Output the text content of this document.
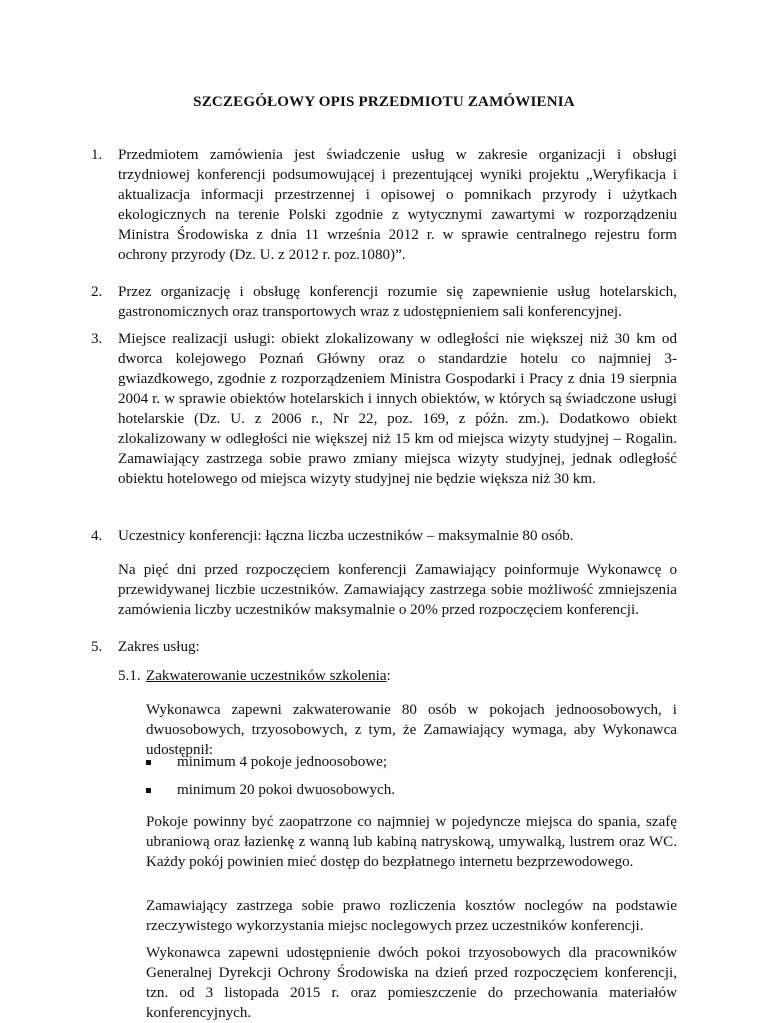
SZCZEGÓŁOWY OPIS PRZEDMIOTU ZAMÓWIENIA
1. Przedmiotem zamówienia jest świadczenie usług w zakresie organizacji i obsługi trzydniowej konferencji podsumowującej i prezentującej wyniki projektu „Weryfikacja i aktualizacja informacji przestrzennej i opisowej o pomnikach przyrody i użytkach ekologicznych na terenie Polski zgodnie z wytycznymi zawartymi w rozporządzeniu Ministra Środowiska z dnia 11 września 2012 r. w sprawie centralnego rejestru form ochrony przyrody (Dz. U. z 2012 r. poz.1080)”.
2. Przez organizację i obsługę konferencji rozumie się zapewnienie usług hotelarskich, gastronomicznych oraz transportowych wraz z udostępnieniem sali konferencyjnej.
3. Miejsce realizacji usługi: obiekt zlokalizowany w odległości nie większej niż 30 km od dworca kolejowego Poznań Główny oraz o standardzie hotelu co najmniej 3-gwiazdkowego, zgodnie z rozporządzeniem Ministra Gospodarki i Pracy z dnia 19 sierpnia 2004 r. w sprawie obiektów hotelarskich i innych obiektów, w których są świadczone usługi hotelarskie (Dz. U. z 2006 r., Nr 22, poz. 169, z późn. zm.). Dodatkowo obiekt zlokalizowany w odległości nie większej niż 15 km od miejsca wizyty studyjnej – Rogalin. Zamawiający zastrzega sobie prawo zmiany miejsca wizyty studyjnej, jednak odległość obiektu hotelowego od miejsca wizyty studyjnej nie będzie większa niż 30 km.
4. Uczestnicy konferencji: łączna liczba uczestników – maksymalnie 80 osób.
Na pięć dni przed rozpoczęciem konferencji Zamawiający poinformuje Wykonawcę o przewidywanej liczbie uczestników. Zamawiający zastrzega sobie możliwość zmniejszenia zamówienia liczby uczestników maksymalnie o 20% przed rozpoczęciem konferencji.
5. Zakres usług:
5.1. Zakwaterowanie uczestników szkolenia:
Wykonawca zapewni zakwaterowanie 80 osób w pokojach jednoosobowych, i dwuosobowych, trzyosobowych, z tym, że Zamawiający wymaga, aby Wykonawca udostępnił:
minimum 4 pokoje jednoosobowe;
minimum 20 pokoi dwuosobowych.
Pokoje powinny być zaopatrzone co najmniej w pojedyncze miejsca do spania, szafę ubraniową oraz łazienkę z wanną lub kabiną natryskową, umywalką, lustrem oraz WC. Każdy pokój powinien mieć dostęp do bezpłatnego internetu bezprzewodowego.
Zamawiający zastrzega sobie prawo rozliczenia kosztów noclegów na podstawie rzeczywistego wykorzystania miejsc noclegowych przez uczestników konferencji.
Wykonawca zapewni udostępnienie dwóch pokoi trzyosobowych dla pracowników Generalnej Dyrekcji Ochrony Środowiska na dzień przed rozpoczęciem konferencji, tzn. od 3 listopada 2015 r. oraz pomieszczenie do przechowania materiałów konferencyjnych.
